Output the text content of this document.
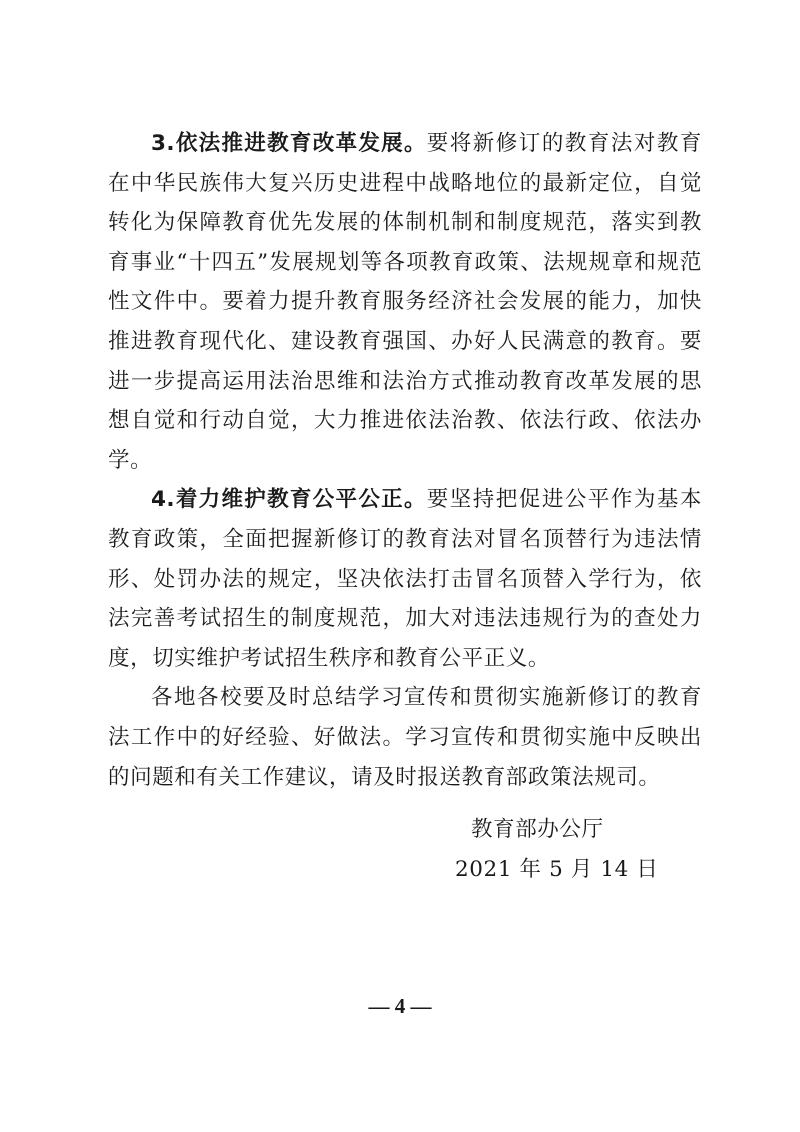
3.依法推进教育改革发展。要将新修订的教育法对教育在中华民族伟大复兴历史进程中战略地位的最新定位，自觉转化为保障教育优先发展的体制机制和制度规范，落实到教育事业“十四五”发展规划等各项教育政策、法规规章和规范性文件中。要着力提升教育服务经济社会发展的能力，加快推进教育现代化、建设教育强国、办好人民满意的教育。要进一步提高运用法治思维和法治方式推动教育改革发展的思想自觉和行动自觉，大力推进依法治教、依法行政、依法办学。

4.着力维护教育公平公正。要坚持把促进公平作为基本教育政策，全面把握新修订的教育法对冒名顶替行为违法情形、处罚办法的规定，坚决依法打击冒名顶替入学行为，依法完善考试招生的制度规范，加大对违法违规行为的查处力度，切实维护考试招生秩序和教育公平正义。

各地各校要及时总结学习宣传和贯彻实施新修订的教育法工作中的好经验、好做法。学习宣传和贯彻实施中反映出的问题和有关工作建议，请及时报送教育部政策法规司。

教育部办公厅
2021 年 5 月 14 日
— 4 —
